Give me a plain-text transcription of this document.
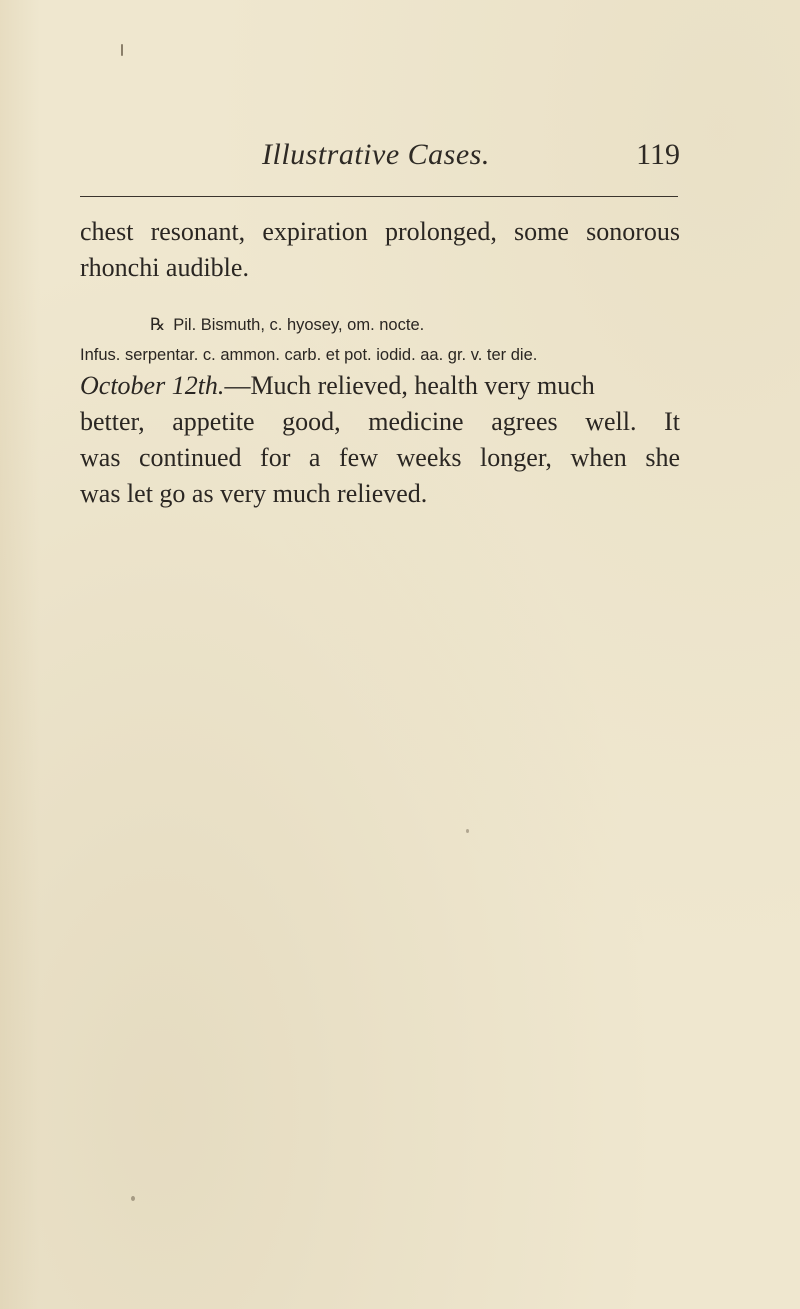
Illustrative Cases.	119
chest resonant, expiration prolonged, some sonorous
rhonchi audible.
℞ Pil. Bismuth, c. hyosey, om. nocte.
Infus. serpentar. c. ammon. carb. et pot. iodid. aa. gr. v. ter die.
October 12th.—Much relieved, health very much
better, appetite good, medicine agrees well. It
was continued for a few weeks longer, when she
was let go as very much relieved.
